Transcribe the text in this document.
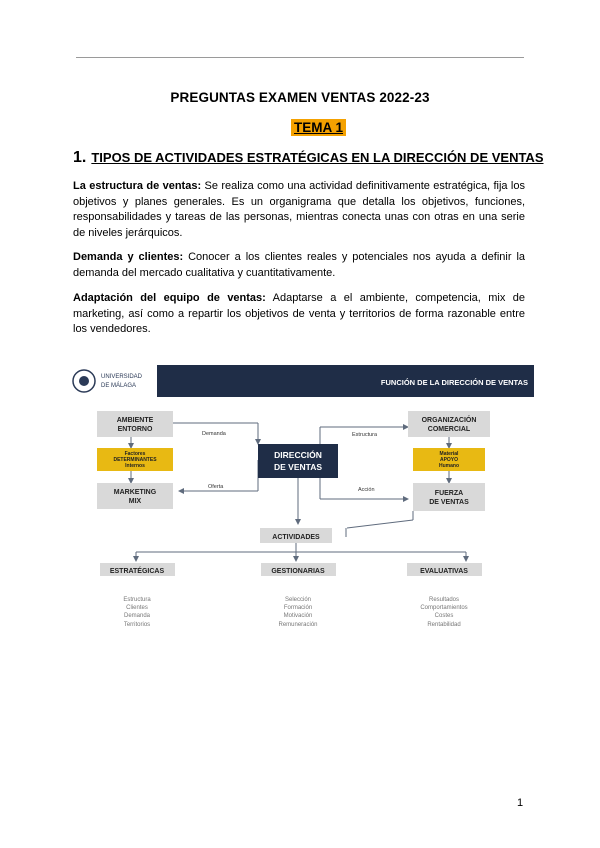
PREGUNTAS EXAMEN VENTAS 2022-23
TEMA 1
1. TIPOS DE ACTIVIDADES ESTRATÉGICAS EN LA DIRECCIÓN DE VENTAS
La estructura de ventas: Se realiza como una actividad definitivamente estratégica, fija los objetivos y planes generales. Es un organigrama que detalla los objetivos, funciones, responsabilidades y tareas de las personas, mientras conecta unas con otras en una serie de niveles jerárquicos.
Demanda y clientes: Conocer a los clientes reales y potenciales nos ayuda a definir la demanda del mercado cualitativa y cuantitativamente.
Adaptación del equipo de ventas: Adaptarse a el ambiente, competencia, mix de marketing, así como a repartir los objetivos de venta y territorios de forma razonable entre los vendedores.
UNIVERSIDAD
DE MÁLAGA	FUNCIÓN DE LA DIRECCIÓN DE VENTAS
Demanda
Oferta
Estructura
Acción
AMBIENTE
ENTORNO
Factores
DETERMINANTES
Internos
MARKETING
MIX
DIRECCIÓN
DE VENTAS
ORGANIZACIÓN
COMERCIAL
Material
APOYO
Humano
FUERZA
DE VENTAS
ACTIVIDADES
ESTRATÉGICAS
Estructura
Clientes
Demanda
Territorios
GESTIONARIAS
Selección
Formación
Motivación
Remuneración
EVALUATIVAS
Resultados
Comportamientos
Costes
Rentabilidad
1
